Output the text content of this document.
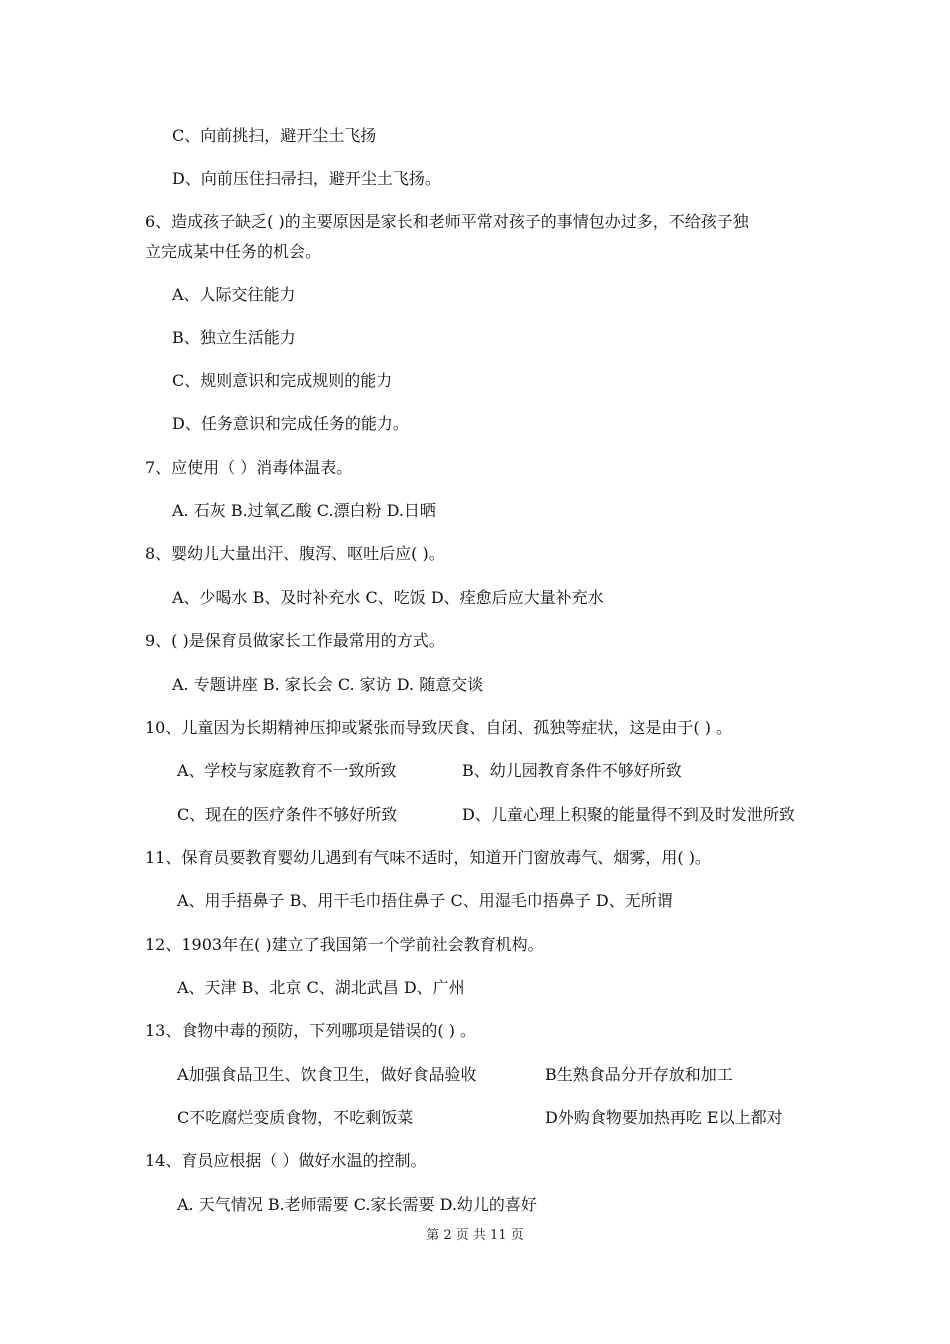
C、向前挑扫，避开尘土飞扬
D、向前压住扫帚扫，避开尘土飞扬。
6、造成孩子缺乏( )的主要原因是家长和老师平常对孩子的事情包办过多，不给孩子独
立完成某中任务的机会。
A、人际交往能力
B、独立生活能力
C、规则意识和完成规则的能力
D、任务意识和完成任务的能力。
7、应使用（ ）消毒体温表。
A. 石灰 B.过氧乙酸 C.漂白粉 D.日晒
8、婴幼儿大量出汗、腹泻、呕吐后应( )。
A、少喝水 B、及时补充水 C、吃饭 D、痊愈后应大量补充水
9、( )是保育员做家长工作最常用的方式。
A. 专题讲座 B. 家长会 C. 家访 D. 随意交谈
10、儿童因为长期精神压抑或紧张而导致厌食、自闭、孤独等症状，这是由于( ) 。
A、学校与家庭教育不一致所致	B、幼儿园教育条件不够好所致
C、现在的医疗条件不够好所致	D、儿童心理上积聚的能量得不到及时发泄所致
11、保育员要教育婴幼儿遇到有气味不适时，知道开门窗放毒气、烟雾，用( )。
A、用手捂鼻子 B、用干毛巾捂住鼻子 C、用湿毛巾捂鼻子 D、无所谓
12、1903年在( )建立了我国第一个学前社会教育机构。
A、天津 B、北京 C、湖北武昌 D、广州
13、食物中毒的预防，下列哪项是错误的( ) 。
A加强食品卫生、饮食卫生，做好食品验收	B生熟食品分开存放和加工
C不吃腐烂变质食物，不吃剩饭菜	D外购食物要加热再吃 E以上都对
14、育员应根据（ ）做好水温的控制。
A. 天气情况 B.老师需要 C.家长需要 D.幼儿的喜好
第 2 页 共 11 页
